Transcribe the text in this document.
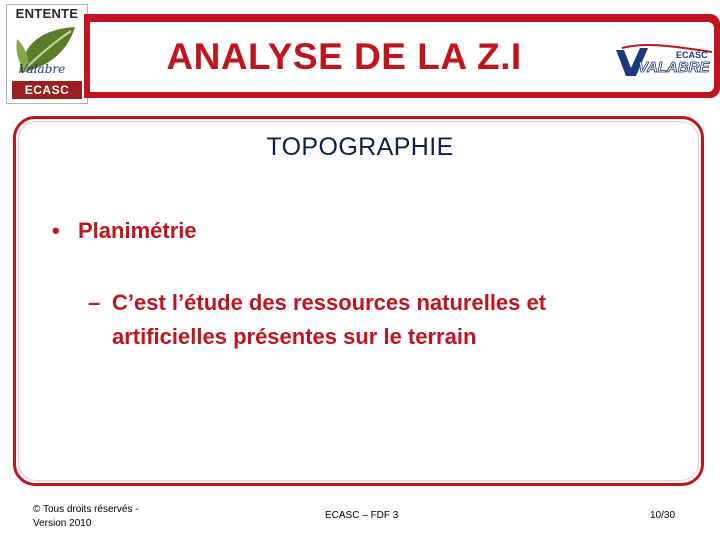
ENTENTE
Valabre
ECASC
ANALYSE DE LA Z.I	ECASC
VALABRE
TOPOGRAPHIE
• Planimétrie
– C’est l’étude des ressources naturelles et
artificielles présentes sur le terrain
© Tous droits réservés -
Version 2010
ECASC – FDF 3	10/30
